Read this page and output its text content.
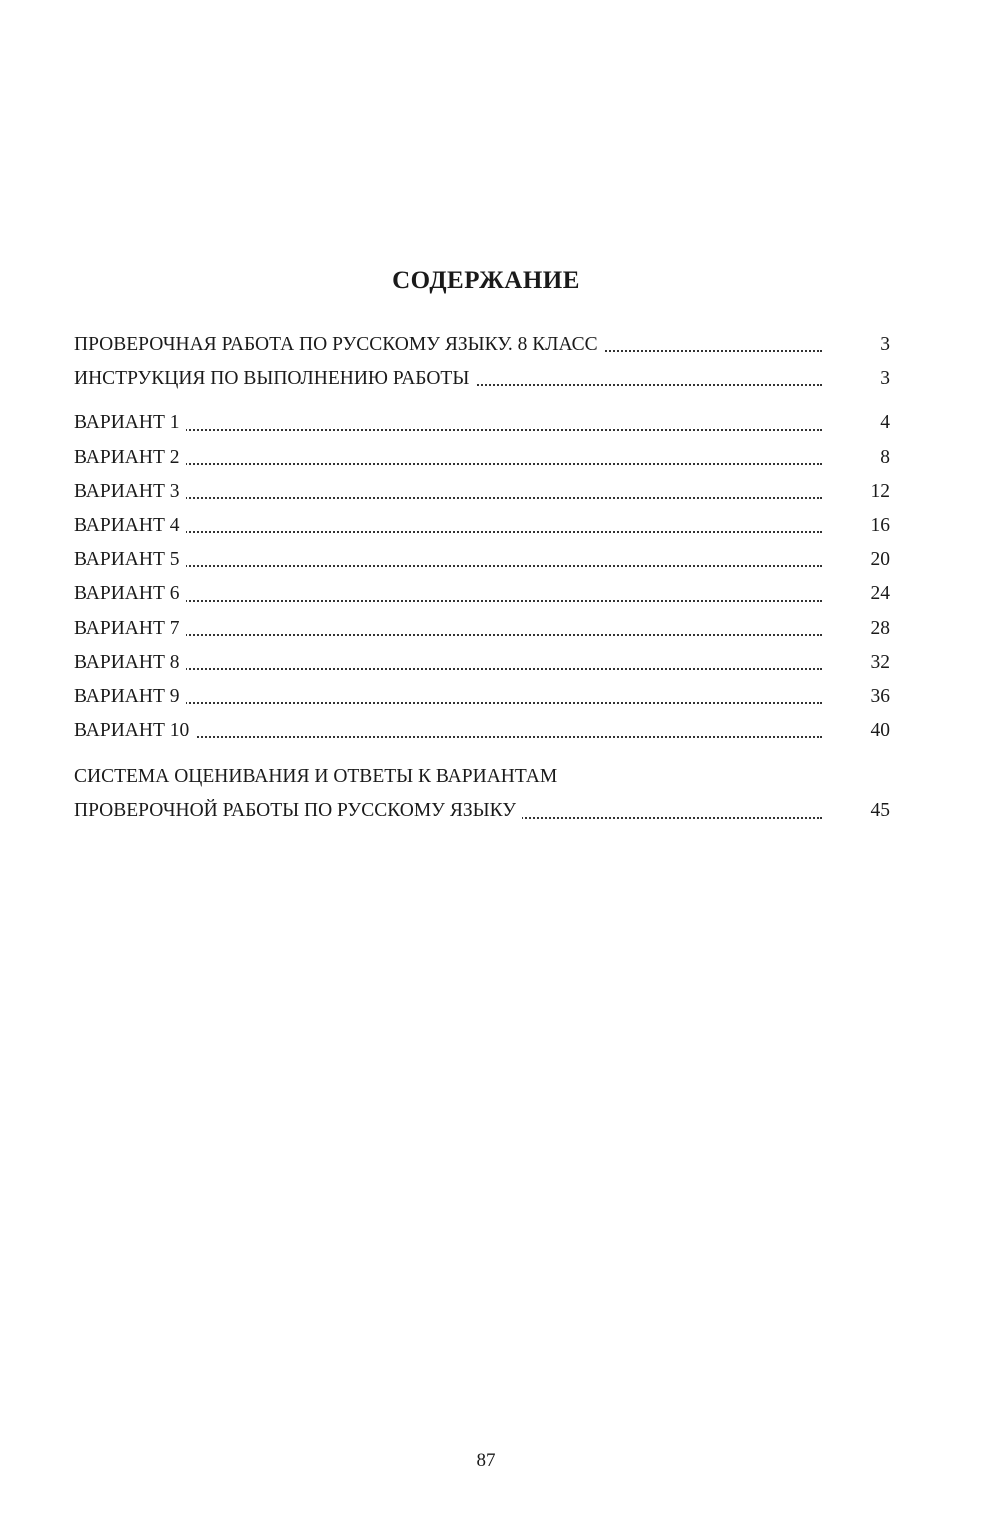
СОДЕРЖАНИЕ
ПРОВЕРОЧНАЯ РАБОТА ПО РУССКОМУ ЯЗЫКУ. 8 КЛАСС	3
ИНСТРУКЦИЯ ПО ВЫПОЛНЕНИЮ РАБОТЫ	3
ВАРИАНТ 1	4
ВАРИАНТ 2	8
ВАРИАНТ 3	12
ВАРИАНТ 4	16
ВАРИАНТ 5	20
ВАРИАНТ 6	24
ВАРИАНТ 7	28
ВАРИАНТ 8	32
ВАРИАНТ 9	36
ВАРИАНТ 10	40
СИСТЕМА ОЦЕНИВАНИЯ И ОТВЕТЫ К ВАРИАНТАМ
ПРОВЕРОЧНОЙ РАБОТЫ ПО РУССКОМУ ЯЗЫКУ	45
87
